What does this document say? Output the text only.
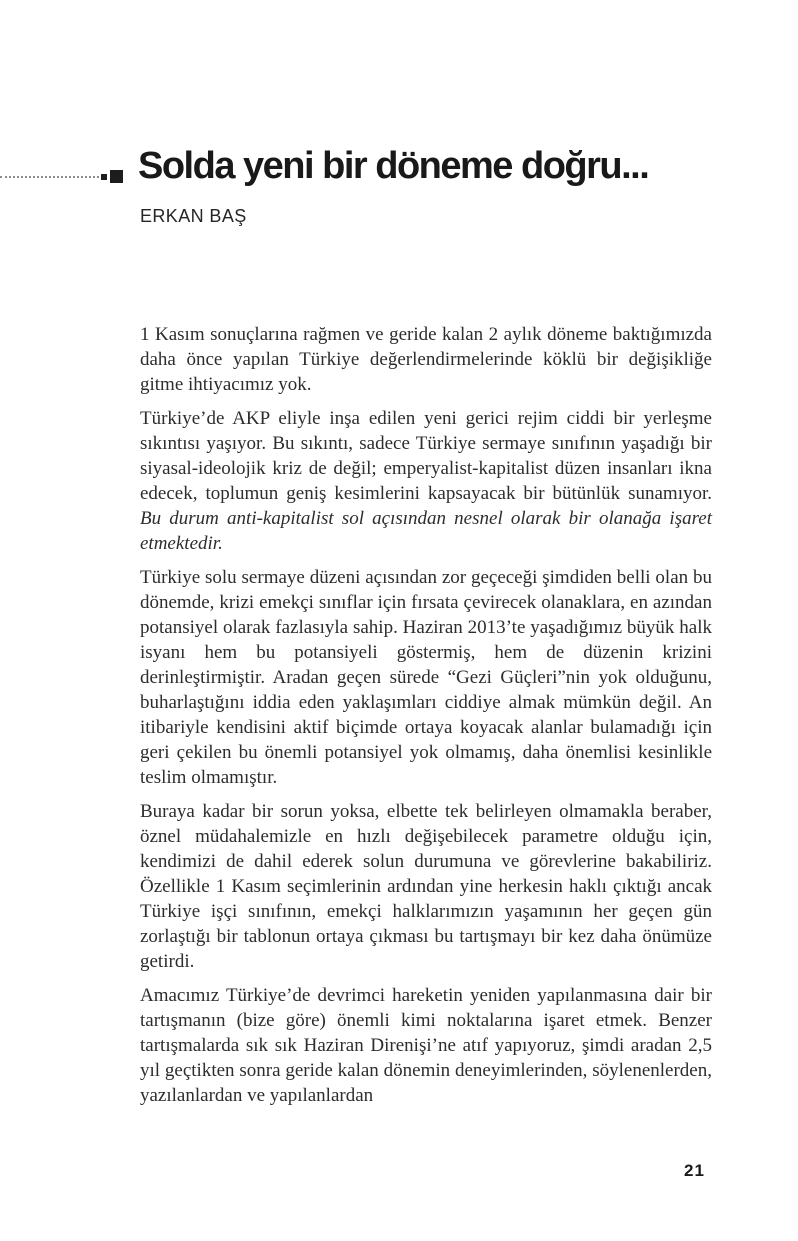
Solda yeni bir döneme doğru...
ERKAN BAŞ

1 Kasım sonuçlarına rağmen ve geride kalan 2 aylık döneme baktığımızda daha önce yapılan Türkiye değerlendirmelerinde köklü bir değişikliğe gitme ihtiyacımız yok.

Türkiye’de AKP eliyle inşa edilen yeni gerici rejim ciddi bir yerleşme sıkıntısı yaşıyor. Bu sıkıntı, sadece Türkiye sermaye sınıfının yaşadığı bir siyasal-ideolojik kriz de değil; emperyalist-kapitalist düzen insanları ikna edecek, toplumun geniş kesimlerini kapsayacak bir bütünlük sunamıyor. Bu durum anti-kapitalist sol açısından nesnel olarak bir olanağa işaret etmektedir.

Türkiye solu sermaye düzeni açısından zor geçeceği şimdiden belli olan bu dönemde, krizi emekçi sınıflar için fırsata çevirecek olanaklara, en azından potansiyel olarak fazlasıyla sahip. Haziran 2013’te yaşadığımız büyük halk isyanı hem bu potansiyeli göstermiş, hem de düzenin krizini derinleştirmiştir. Aradan geçen sürede “Gezi Güçleri”nin yok olduğunu, buharlaştığını iddia eden yaklaşımları ciddiye almak mümkün değil. An itibariyle kendisini aktif biçimde ortaya koyacak alanlar bulamadığı için geri çekilen bu önemli potansiyel yok olmamış, daha önemlisi kesinlikle teslim olmamıştır.

Buraya kadar bir sorun yoksa, elbette tek belirleyen olmamakla beraber, öznel müdahalemizle en hızlı değişebilecek parametre olduğu için, kendimizi de dahil ederek solun durumuna ve görevlerine bakabiliriz. Özellikle 1 Kasım seçimlerinin ardından yine herkesin haklı çıktığı ancak Türkiye işçi sınıfının, emekçi halklarımızın yaşamının her geçen gün zorlaştığı bir tablonun ortaya çıkması bu tartışmayı bir kez daha önümüze getirdi.

Amacımız Türkiye’de devrimci hareketin yeniden yapılanmasına dair bir tartışmanın (bize göre) önemli kimi noktalarına işaret etmek. Benzer tartışmalarda sık sık Haziran Direnişi’ne atıf yapıyoruz, şimdi aradan 2,5 yıl geçtikten sonra geride kalan dönemin deneyimlerinden, söylenenlerden, yazılanlardan ve yapılanlardan

21
